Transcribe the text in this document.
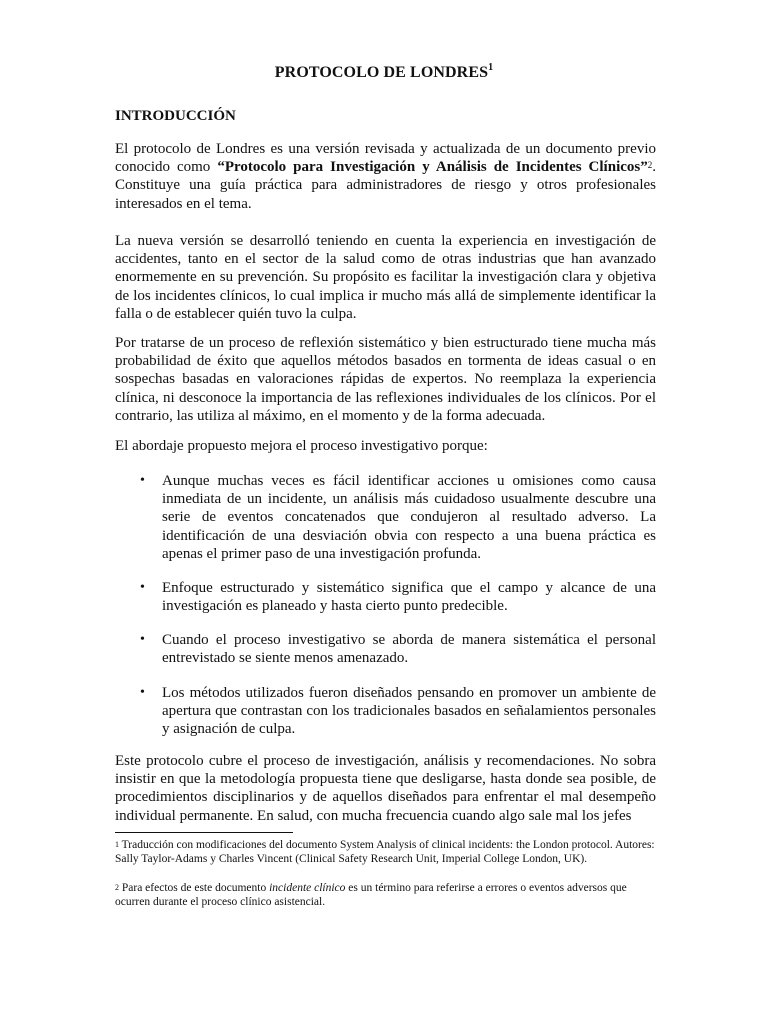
PROTOCOLO DE LONDRES$^1$
INTRODUCCIÓN
El protocolo de Londres es una versión revisada y actualizada de un documento previo conocido como “Protocolo para Investigación y Análisis de Incidentes Clínicos”$^2$. Constituye una guía práctica para administradores de riesgo y otros profesionales interesados en el tema.
La nueva versión se desarrolló teniendo en cuenta la experiencia en investigación de accidentes, tanto en el sector de la salud como de otras industrias que han avanzado enormemente en su prevención. Su propósito es facilitar la investigación clara y objetiva de los incidentes clínicos, lo cual implica ir mucho más allá de simplemente identificar la falla o de establecer quién tuvo la culpa.
Por tratarse de un proceso de reflexión sistemático y bien estructurado tiene mucha más probabilidad de éxito que aquellos métodos basados en tormenta de ideas casual o en sospechas basadas en valoraciones rápidas de expertos. No reemplaza la experiencia clínica, ni desconoce la importancia de las reflexiones individuales de los clínicos. Por el contrario, las utiliza al máximo, en el momento y de la forma adecuada.
El abordaje propuesto mejora el proceso investigativo porque:
• Aunque muchas veces es fácil identificar acciones u omisiones como causa inmediata de un incidente, un análisis más cuidadoso usualmente descubre una serie de eventos concatenados que condujeron al resultado adverso. La identificación de una desviación obvia con respecto a una buena práctica es apenas el primer paso de una investigación profunda.
• Enfoque estructurado y sistemático significa que el campo y alcance de una investigación es planeado y hasta cierto punto predecible.
• Cuando el proceso investigativo se aborda de manera sistemática el personal entrevistado se siente menos amenazado.
• Los métodos utilizados fueron diseñados pensando en promover un ambiente de apertura que contrastan con los tradicionales basados en señalamientos personales y asignación de culpa.
Este protocolo cubre el proceso de investigación, análisis y recomendaciones. No sobra insistir en que la metodología propuesta tiene que desligarse, hasta donde sea posible, de procedimientos disciplinarios y de aquellos diseñados para enfrentar el mal desempeño individual permanente. En salud, con mucha frecuencia cuando algo sale mal los jefes
$^1$ Traducción con modificaciones del documento System Analysis of clinical incidents: the London protocol. Autores: Sally Taylor-Adams y Charles Vincent (Clinical Safety Research Unit, Imperial College London, UK).
$^2$ Para efectos de este documento incidente clínico es un término para referirse a errores o eventos adversos que ocurren durante el proceso clínico asistencial.
